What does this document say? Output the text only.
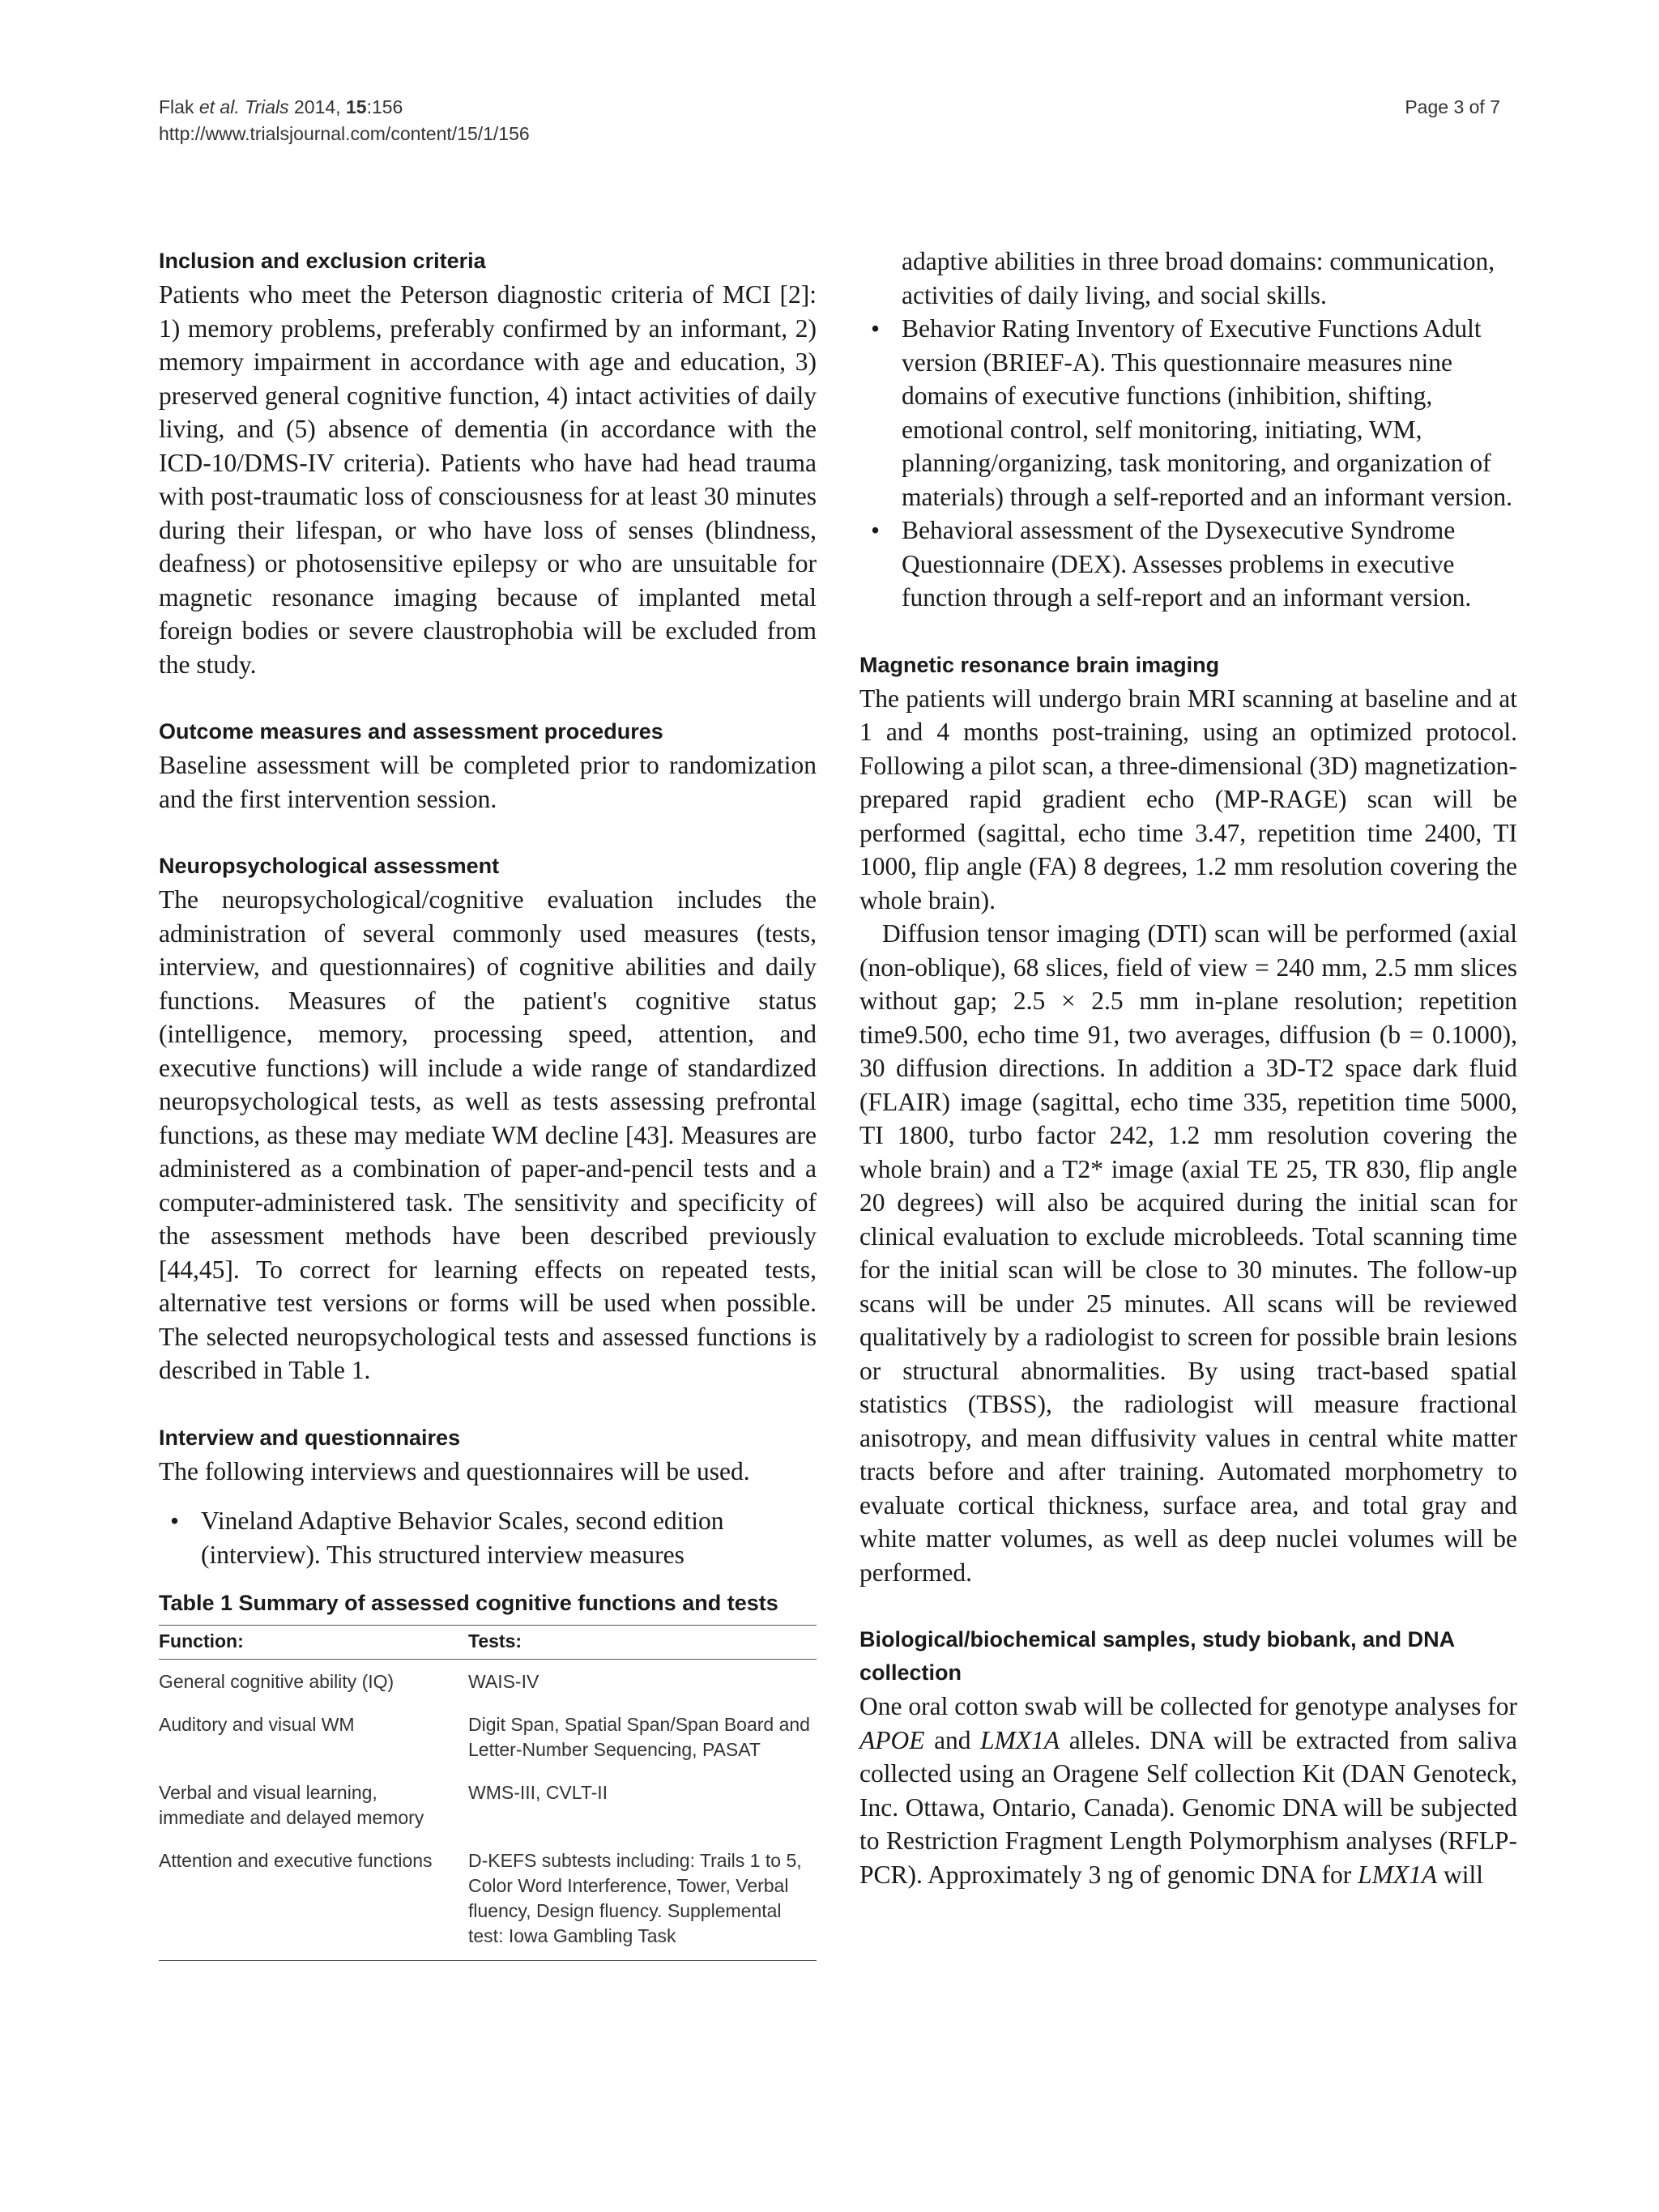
Flak et al. Trials 2014, 15:156
http://www.trialsjournal.com/content/15/1/156
Page 3 of 7
Inclusion and exclusion criteria

Patients who meet the Peterson diagnostic criteria of MCI [2]: 1) memory problems, preferably confirmed by an informant, 2) memory impairment in accordance with age and education, 3) preserved general cognitive function, 4) intact activities of daily living, and (5) absence of dementia (in accordance with the ICD-10/DMS-IV criteria). Patients who have had head trauma with post-traumatic loss of consciousness for at least 30 minutes during their lifespan, or who have loss of senses (blindness, deafness) or photosensitive epilepsy or who are unsuitable for magnetic resonance imaging because of implanted metal foreign bodies or severe claustrophobia will be excluded from the study.

Outcome measures and assessment procedures

Baseline assessment will be completed prior to randomization and the first intervention session.

Neuropsychological assessment

The neuropsychological/cognitive evaluation includes the administration of several commonly used measures (tests, interview, and questionnaires) of cognitive abilities and daily functions. Measures of the patient's cognitive status (intelligence, memory, processing speed, attention, and executive functions) will include a wide range of standardized neuropsychological tests, as well as tests assessing prefrontal functions, as these may mediate WM decline [43]. Measures are administered as a combination of paper-and-pencil tests and a computer-administered task. The sensitivity and specificity of the assessment methods have been described previously [44,45]. To correct for learning effects on repeated tests, alternative test versions or forms will be used when possible. The selected neuropsychological tests and assessed functions is described in Table 1.

Interview and questionnaires

The following interviews and questionnaires will be used.

• Vineland Adaptive Behavior Scales, second edition (interview). This structured interview measures
Table 1 Summary of assessed cognitive functions and tests
Function:	Tests:
General cognitive ability (IQ)	WAIS-IV
Auditory and visual WM	Digit Span, Spatial Span/Span Board and Letter-Number Sequencing, PASAT
Verbal and visual learning, immediate and delayed memory	WMS-III, CVLT-II
Attention and executive functions	D-KEFS subtests including: Trails 1 to 5, Color Word Interference, Tower, Verbal fluency, Design fluency. Supplemental test: Iowa Gambling Task

adaptive abilities in three broad domains: communication, activities of daily living, and social skills.

• Behavior Rating Inventory of Executive Functions Adult version (BRIEF-A). This questionnaire measures nine domains of executive functions (inhibition, shifting, emotional control, self monitoring, initiating, WM, planning/organizing, task monitoring, and organization of materials) through a self-reported and an informant version.
• Behavioral assessment of the Dysexecutive Syndrome Questionnaire (DEX). Assesses problems in executive function through a self-report and an informant version.
Magnetic resonance brain imaging

The patients will undergo brain MRI scanning at baseline and at 1 and 4 months post-training, using an optimized protocol. Following a pilot scan, a three-dimensional (3D) magnetization-prepared rapid gradient echo (MP-RAGE) scan will be performed (sagittal, echo time 3.47, repetition time 2400, TI 1000, flip angle (FA) 8 degrees, 1.2 mm resolution covering the whole brain).

Diffusion tensor imaging (DTI) scan will be performed (axial (non-oblique), 68 slices, field of view = 240 mm, 2.5 mm slices without gap; 2.5 × 2.5 mm in-plane resolution; repetition time9.500, echo time 91, two averages, diffusion (b = 0.1000), 30 diffusion directions. In addition a 3D-T2 space dark fluid (FLAIR) image (sagittal, echo time 335, repetition time 5000, TI 1800, turbo factor 242, 1.2 mm resolution covering the whole brain) and a T2* image (axial TE 25, TR 830, flip angle 20 degrees) will also be acquired during the initial scan for clinical evaluation to exclude microbleeds. Total scanning time for the initial scan will be close to 30 minutes. The follow-up scans will be under 25 minutes. All scans will be reviewed qualitatively by a radiologist to screen for possible brain lesions or structural abnormalities. By using tract-based spatial statistics (TBSS), the radiologist will measure fractional anisotropy, and mean diffusivity values in central white matter tracts before and after training. Automated morphometry to evaluate cortical thickness, surface area, and total gray and white matter volumes, as well as deep nuclei volumes will be performed.

Biological/biochemical samples, study biobank, and DNA collection

One oral cotton swab will be collected for genotype analyses for APOE and LMX1A alleles. DNA will be extracted from saliva collected using an Oragene Self collection Kit (DAN Genoteck, Inc. Ottawa, Ontario, Canada). Genomic DNA will be subjected to Restriction Fragment Length Polymorphism analyses (RFLP-PCR). Approximately 3 ng of genomic DNA for LMX1A will
